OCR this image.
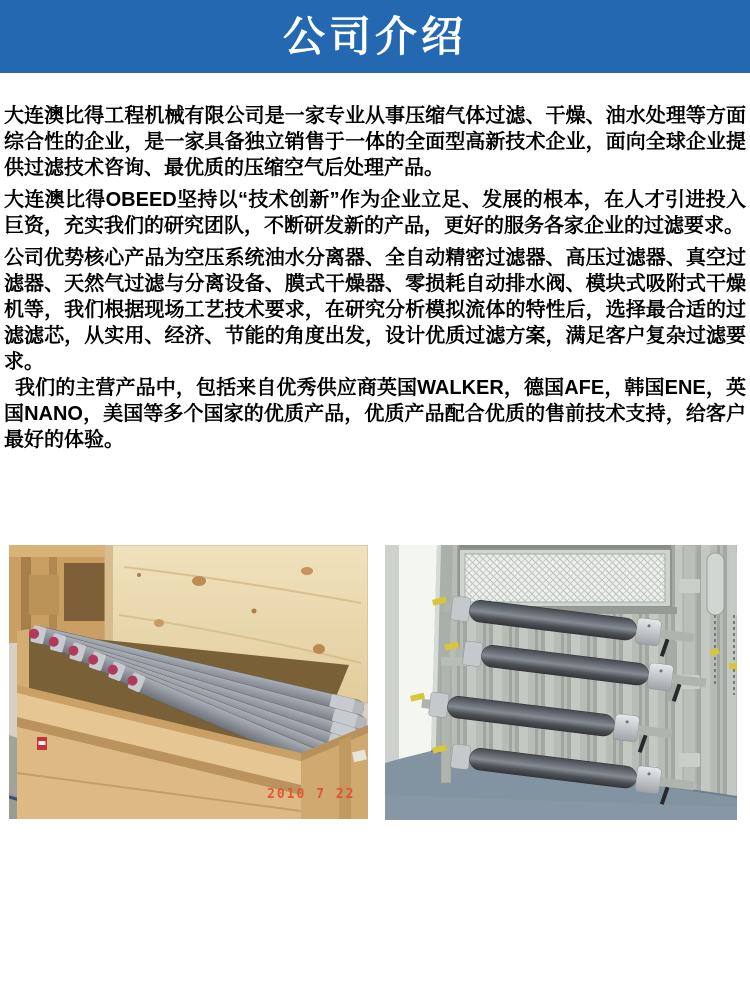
公司介绍

大连澳比得工程机械有限公司是一家专业从事压缩气体过滤、干燥、油水处理等方面综合性的企业，是一家具备独立销售于一体的全面型高新技术企业，面向全球企业提供过滤技术咨询、最优质的压缩空气后处理产品。

大连澳比得OBEED坚持以“技术创新”作为企业立足、发展的根本，在人才引进投入巨资，充实我们的研究团队，不断研发新的产品，更好的服务各家企业的过滤要求。

公司优势核心产品为空压系统油水分离器、全自动精密过滤器、高压过滤器、真空过滤器、天然气过滤与分离设备、膜式干燥器、零损耗自动排水阀、模块式吸附式干燥机等，我们根据现场工艺技术要求，在研究分析模拟流体的特性后，选择最合适的过滤滤芯，从实用、经济、节能的角度出发，设计优质过滤方案，满足客户复杂过滤要求。

我们的主营产品中，包括来自优秀供应商英国WALKER，德国AFE，韩国ENE，英国NANO，美国等多个国家的优质产品，优质产品配合优质的售前技术支持，给客户最好的体验。

2010 7 22
